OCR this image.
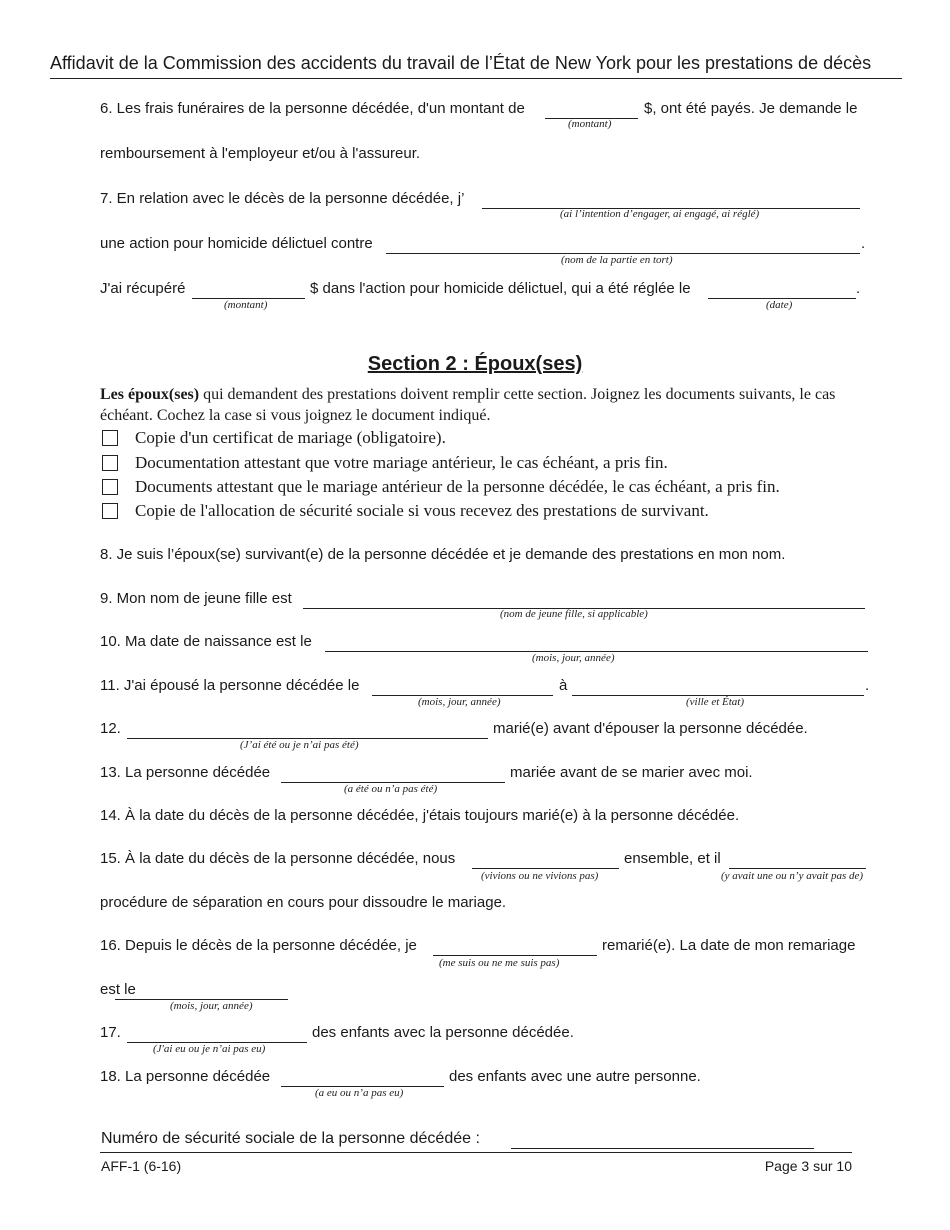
Affidavit de la Commission des accidents du travail de l’État de New York pour les prestations de décès
6. Les frais funéraires de la personne décédée, d'un montant de	$, ont été payés. Je demande le
(montant)
remboursement à l'employeur et/ou à l'assureur.
7. En relation avec le décès de la personne décédée, j’
(ai l’intention d’engager, ai engagé, ai réglé)
une action pour homicide délictuel contre	.
(nom de la partie en tort)
J'ai récupéré	$ dans l'action pour homicide délictuel, qui a été réglée le	.
(montant)	(date)
Section 2 : Époux(ses)
Les époux(ses) qui demandent des prestations doivent remplir cette section. Joignez les documents suivants, le cas échéant. Cochez la case si vous joignez le document indiqué.
Copie d'un certificat de mariage (obligatoire).
Documentation attestant que votre mariage antérieur, le cas échéant, a pris fin.
Documents attestant que le mariage antérieur de la personne décédée, le cas échéant, a pris fin.
Copie de l'allocation de sécurité sociale si vous recevez des prestations de survivant.
8. Je suis l’époux(se) survivant(e) de la personne décédée et je demande des prestations en mon nom.
9. Mon nom de jeune fille est
(nom de jeune fille, si applicable)
10. Ma date de naissance est le
(mois, jour, année)
11. J'ai épousé la personne décédée le	à	.
(mois, jour, année)	(ville et État)
12.	marié(e) avant d'épouser la personne décédée.
(J’ai été ou je n’ai pas été)
13. La personne décédée	mariée avant de se marier avec moi.
(a été ou n’a pas été)
14. À la date du décès de la personne décédée, j'étais toujours marié(e) à la personne décédée.
15. À la date du décès de la personne décédée, nous	ensemble, et il
(vivions ou ne vivions pas)	(y avait une ou n’y avait pas de)
procédure de séparation en cours pour dissoudre le mariage.
16. Depuis le décès de la personne décédée, je	remarié(e). La date de mon remariage
(me suis ou ne me suis pas)
est le
(mois, jour, année)
17.	des enfants avec la personne décédée.
(J'ai eu ou je n’ai pas eu)
18. La personne décédée	des enfants avec une autre personne.
(a eu ou n’a pas eu)
Numéro de sécurité sociale de la personne décédée :
AFF-1 (6-16)	Page 3 sur 10
